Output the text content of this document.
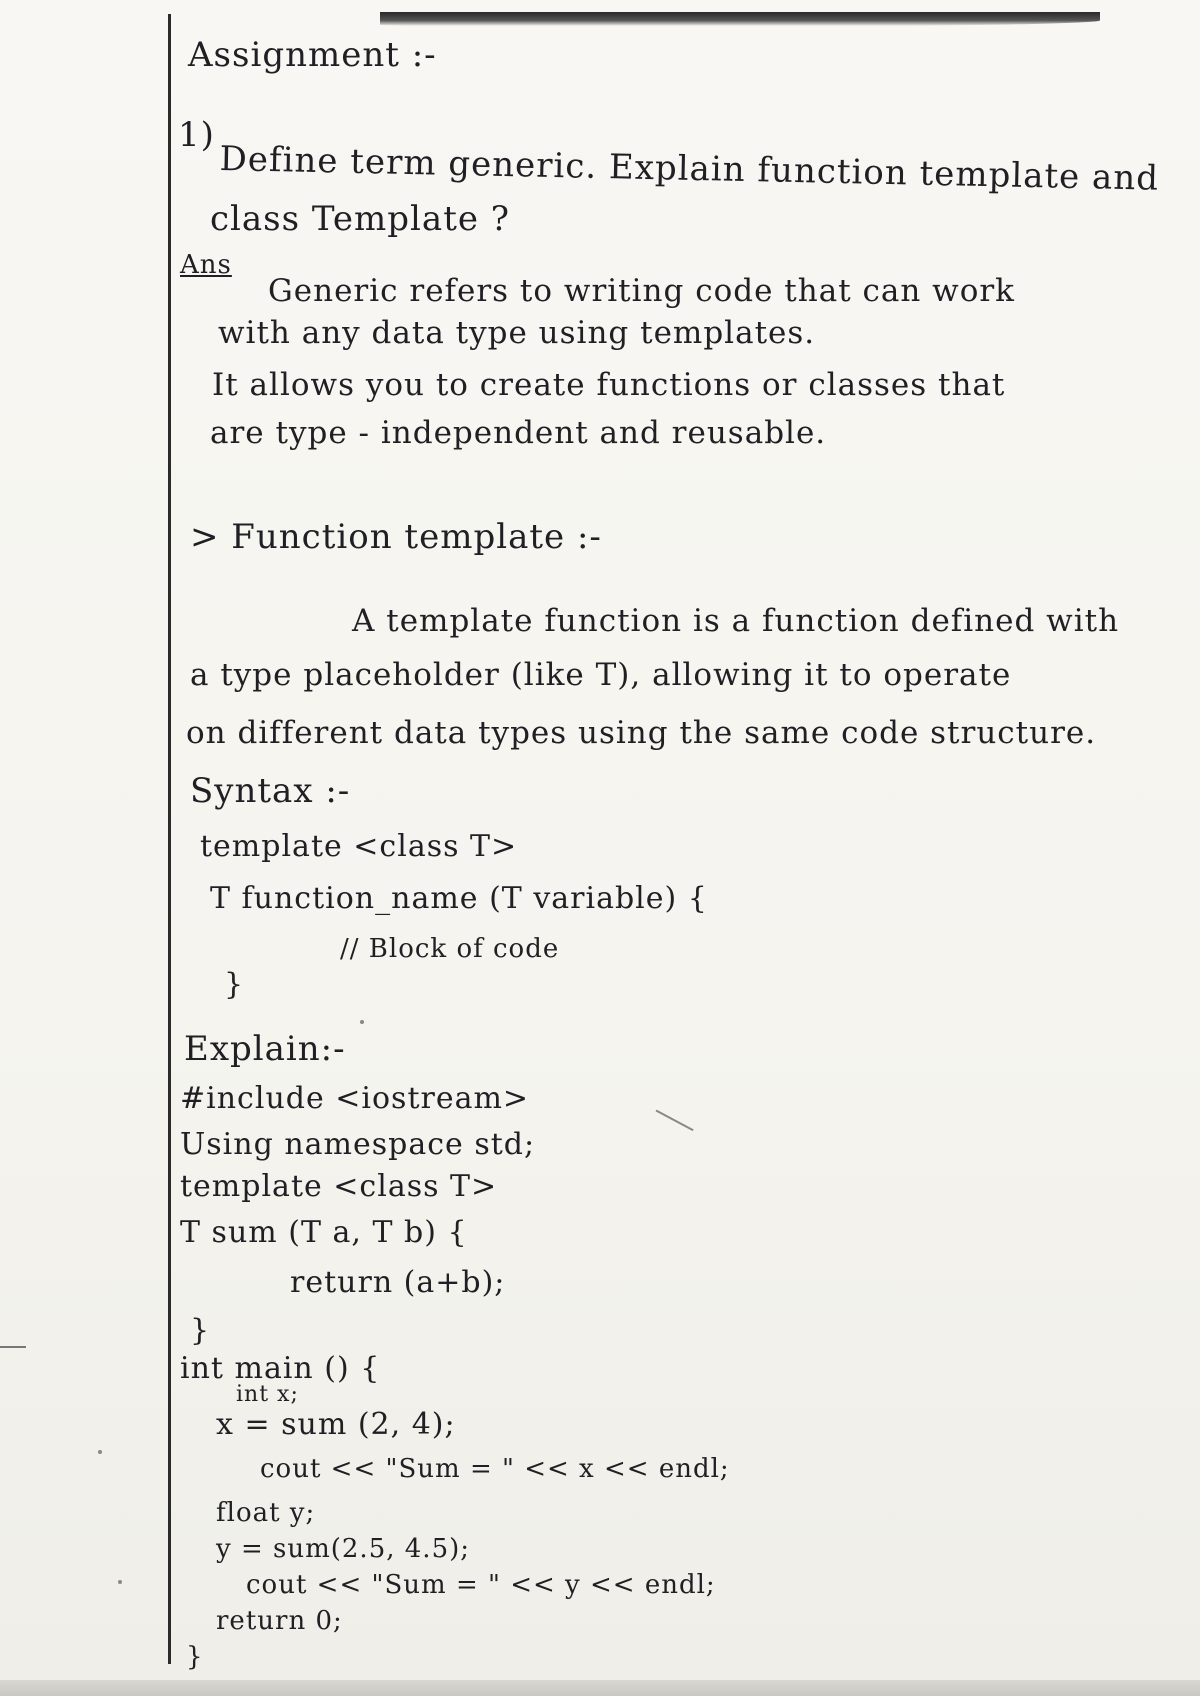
Assignment :-
1)
Define term generic. Explain function template and
class Template ?
Ans
Generic refers to writing code that can work
with any data type using templates.
It allows you to create functions or classes that
are type - independent and reusable.
> Function template :-
A template function is a function defined with
a type placeholder (like T), allowing it to operate
on different data types using the same code structure.
Syntax :-
template <class T>
T function_name (T variable) {
// Block of code
}
Explain:-
#include <iostream>
Using namespace std;
template <class T>
T sum (T a, T b) {
return (a+b);
}
int main () {
int x;
x = sum (2, 4);
cout << "Sum = " << x << endl;
float y;
y = sum(2.5, 4.5);
cout << "Sum = " << y << endl;
return 0;
}
